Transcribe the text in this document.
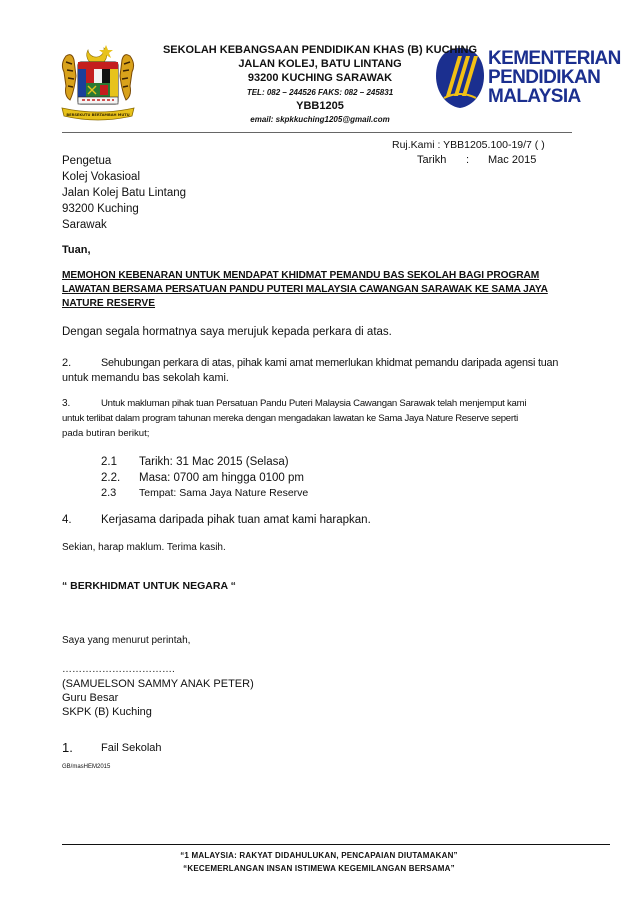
BERSEKUTU BERTAMBAH MUTU
KEMENTERIAN
PENDIDIKAN
MALAYSIA
SEKOLAH KEBANGSAAN PENDIDIKAN KHAS (B) KUCHING
JALAN KOLEJ, BATU LINTANG
93200 KUCHING SARAWAK
TEL: 082 – 244526 FAKS: 082 – 245831
YBB1205
email: skpkkuching1205@gmail.com
Ruj.Kami : YBB1205.100-19/7 ( )
Tarikh : Mac 2015
Pengetua
Kolej Vokasioal
Jalan Kolej Batu Lintang
93200 Kuching
Sarawak
Tuan,
MEMOHON KEBENARAN UNTUK MENDAPAT KHIDMAT PEMANDU BAS SEKOLAH BAGI PROGRAM
LAWATAN BERSAMA PERSATUAN PANDU PUTERI MALAYSIA CAWANGAN SARAWAK KE SAMA JAYA
NATURE RESERVE
Dengan segala hormatnya saya merujuk kepada perkara di atas.
2.	Sehubungan perkara di atas, pihak kami amat memerlukan khidmat pemandu daripada agensi tuan
untuk memandu bas sekolah kami.
3.	Untuk makluman pihak tuan Persatuan Pandu Puteri Malaysia Cawangan Sarawak telah menjemput kami
untuk terlibat dalam program tahunan mereka dengan mengadakan lawatan ke Sama Jaya Nature Reserve seperti
pada butiran berikut;
2.1 Tarikh: 31 Mac 2015 (Selasa)
2.2. Masa: 0700 am hingga 0100 pm
2.3 Tempat: Sama Jaya Nature Reserve
4.	Kerjasama daripada pihak tuan amat kami harapkan.
Sekian, harap maklum. Terima kasih.
“ BERKHIDMAT UNTUK NEGARA “
Saya yang menurut perintah,
…………………………….
(SAMUELSON SAMMY ANAK PETER)
Guru Besar
SKPK (B) Kuching
1.	Fail Sekolah
GB/masHEM2015
“1 MALAYSIA: RAKYAT DIDAHULUKAN, PENCAPAIAN DIUTAMAKAN”
“KECEMERLANGAN INSAN ISTIMEWA KEGEMILANGAN BERSAMA”
